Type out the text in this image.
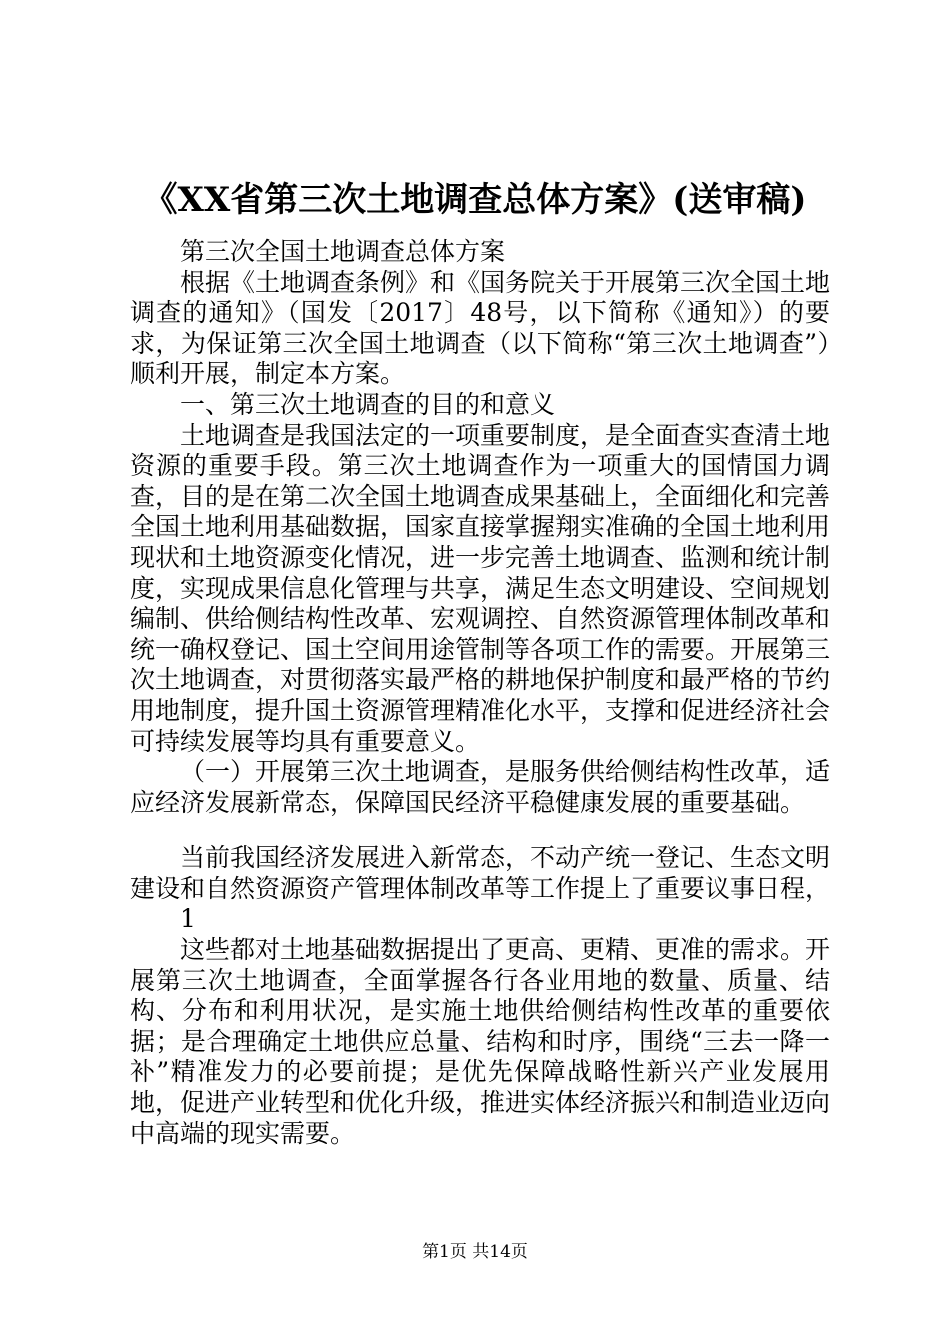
《XX省第三次土地调查总体方案》(送审稿)

第三次全国土地调查总体方案

根据《土地调查条例》和《国务院关于开展第三次全国土地调查的通知》（国发〔2017〕48号，以下简称《通知》）的要求，为保证第三次全国土地调查（以下简称“第三次土地调查”）顺利开展，制定本方案。

一、第三次土地调查的目的和意义

土地调查是我国法定的一项重要制度，是全面查实查清土地资源的重要手段。第三次土地调查作为一项重大的国情国力调查，目的是在第二次全国土地调查成果基础上，全面细化和完善全国土地利用基础数据，国家直接掌握翔实准确的全国土地利用现状和土地资源变化情况，进一步完善土地调查、监测和统计制度，实现成果信息化管理与共享，满足生态文明建设、空间规划编制、供给侧结构性改革、宏观调控、自然资源管理体制改革和统一确权登记、国土空间用途管制等各项工作的需要。开展第三次土地调查，对贯彻落实最严格的耕地保护制度和最严格的节约用地制度，提升国土资源管理精准化水平，支撑和促进经济社会可持续发展等均具有重要意义。

（一）开展第三次土地调查，是服务供给侧结构性改革，适应经济发展新常态，保障国民经济平稳健康发展的重要基础。

当前我国经济发展进入新常态，不动产统一登记、生态文明建设和自然资源资产管理体制改革等工作提上了重要议事日程，

1

这些都对土地基础数据提出了更高、更精、更准的需求。开展第三次土地调查，全面掌握各行各业用地的数量、质量、结构、分布和利用状况，是实施土地供给侧结构性改革的重要依据；是合理确定土地供应总量、结构和时序，围绕“三去一降一补”精准发力的必要前提；是优先保障战略性新兴产业发展用地，促进产业转型和优化升级，推进实体经济振兴和制造业迈向中高端的现实需要。

第1页 共14页
